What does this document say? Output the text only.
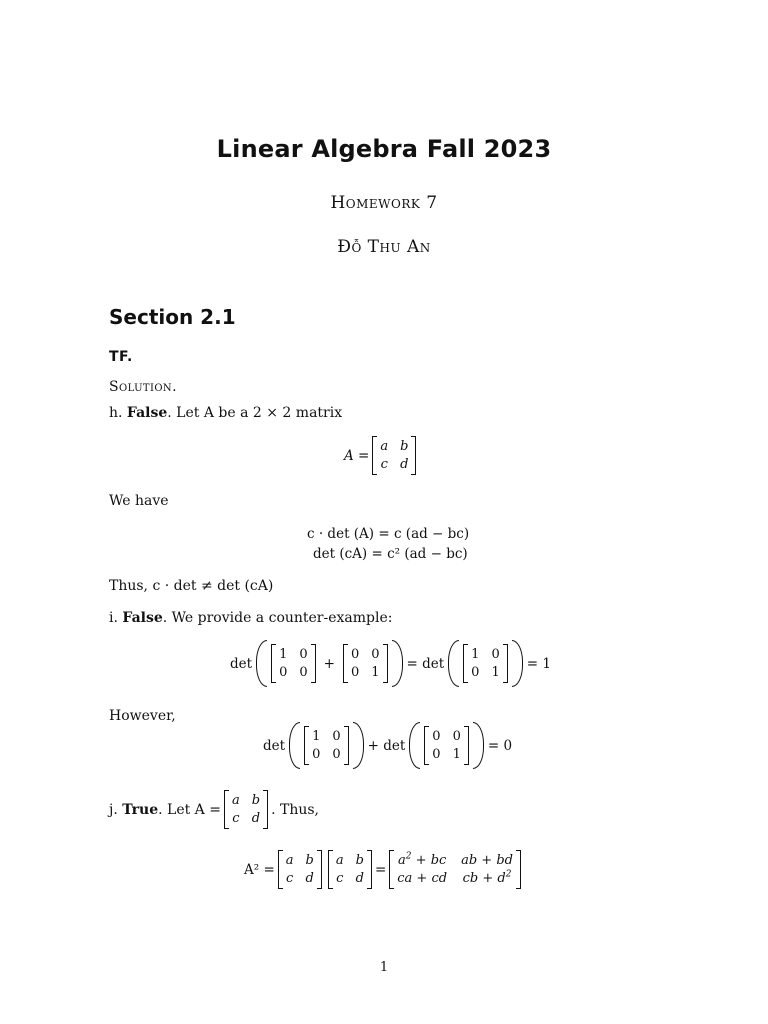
Linear Algebra Fall 2023
Homework 7
Đỗ Thu An
Section 2.1
TF.
Solution.
h. False. Let A be a 2 × 2 matrix
A =
a b
c d
We have
c · det (A) = c (ad − bc)
det (cA) = c² (ad − bc)
Thus, c · det ≠ det (cA)
i. False. We provide a counter-example:
det
1 0
0 0
+
0 0
0 1
= det
1 0
0 1
= 1
However,
det
1 0
0 0
+ det
0 0
0 1
= 0
j.
True . Let A =
a b
c d
. Thus,
A² =
a b
c d
a b
c d
=
$a^2$ + bc ab + bd
ca + cd cb + $d^2$
1
